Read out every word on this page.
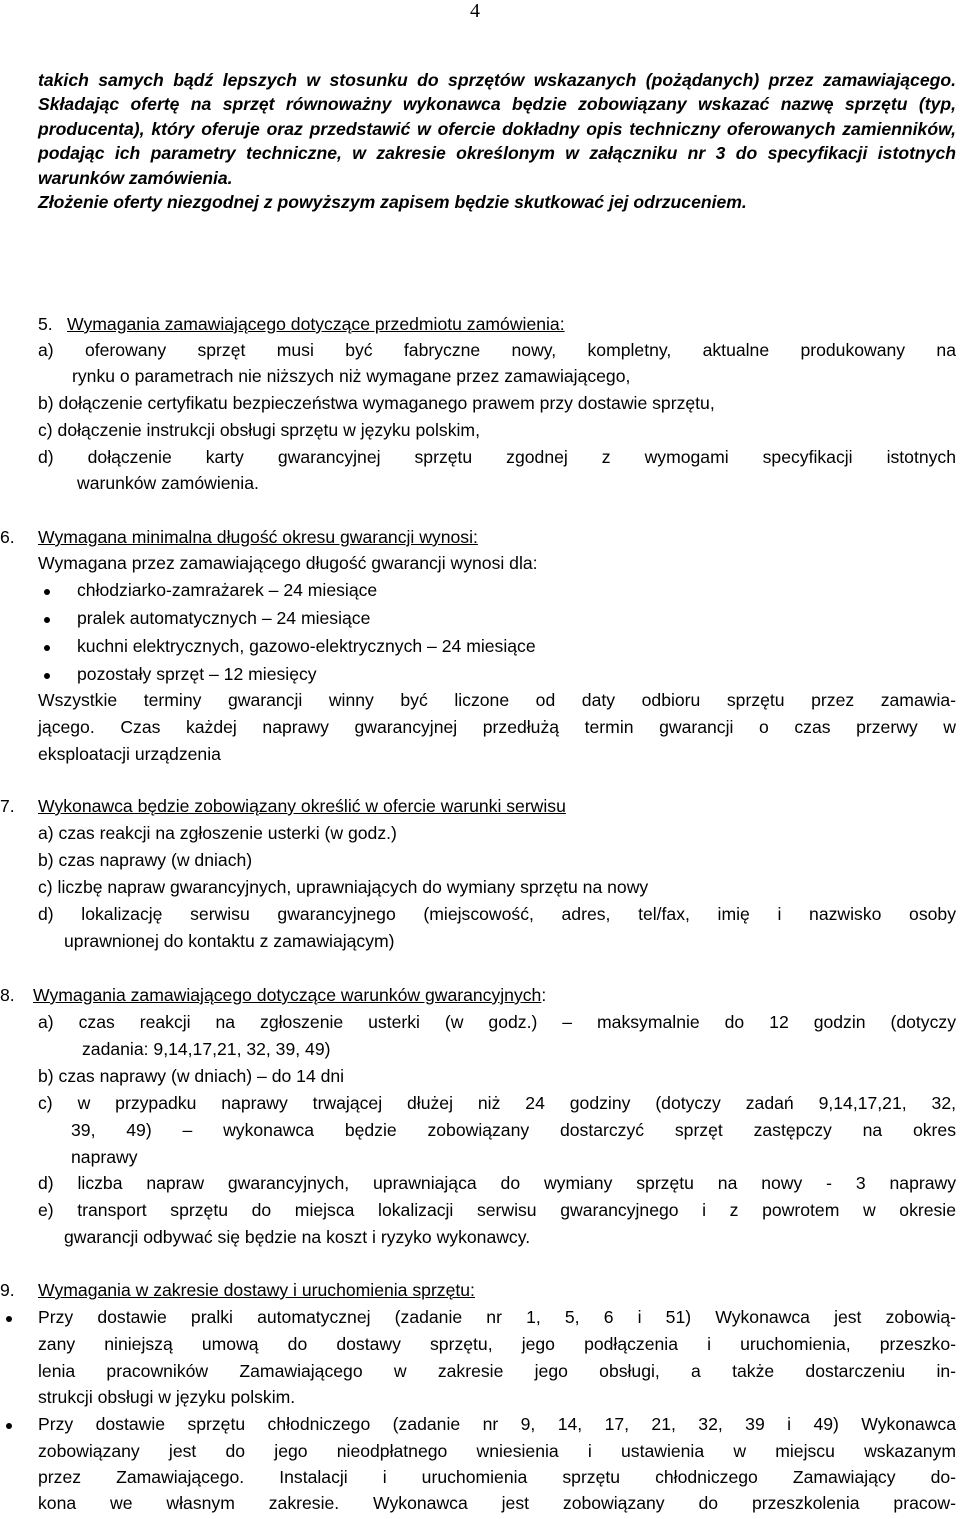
4

takich samych bądź lepszych w stosunku do sprzętów wskazanych (pożądanych) przez zamawiającego. Składając ofertę na sprzęt równoważny wykonawca będzie zobowiązany wskazać nazwę sprzętu (typ, producenta), który oferuje oraz przedstawić w ofercie dokładny opis techniczny oferowanych zamienników, podając ich parametry techniczne, w zakresie określonym w załączniku nr 3 do specyfikacji istotnych warunków zamówienia.

Złożenie oferty niezgodnej z powyższym zapisem będzie skutkować jej odrzuceniem.

5. Wymagania zamawiającego dotyczące przedmiotu zamówienia:
a) oferowany sprzęt musi być fabryczne nowy, kompletny, aktualne produkowany na
rynku o parametrach nie niższych niż wymagane przez zamawiającego,
b) dołączenie certyfikatu bezpieczeństwa wymaganego prawem przy dostawie sprzętu,
c) dołączenie instrukcji obsługi sprzętu w języku polskim,
d) dołączenie karty gwarancyjnej sprzętu zgodnej z wymogami specyfikacji istotnych
warunków zamówienia.
6. Wymagana minimalna długość okresu gwarancji wynosi:
Wymagana przez zamawiającego długość gwarancji wynosi dla:
chłodziarko-zamrażarek – 24 miesiące
pralek automatycznych – 24 miesiące
kuchni elektrycznych, gazowo-elektrycznych – 24 miesiące
pozostały sprzęt – 12 miesięcy
Wszystkie terminy gwarancji winny być liczone od daty odbioru sprzętu przez zamawia-
jącego. Czas każdej naprawy gwarancyjnej przedłużą termin gwarancji o czas przerwy w
eksploatacji urządzenia
7. Wykonawca będzie zobowiązany określić w ofercie warunki serwisu
a) czas reakcji na zgłoszenie usterki (w godz.)
b) czas naprawy (w dniach)
c) liczbę napraw gwarancyjnych, uprawniających do wymiany sprzętu na nowy
d) lokalizację serwisu gwarancyjnego (miejscowość, adres, tel/fax, imię i nazwisko osoby
uprawnionej do kontaktu z zamawiającym)
8. Wymagania zamawiającego dotyczące warunków gwarancyjnych:
a) czas reakcji na zgłoszenie usterki (w godz.) – maksymalnie do 12 godzin (dotyczy
zadania: 9,14,17,21, 32, 39, 49)
b) czas naprawy (w dniach) – do 14 dni
c) w przypadku naprawy trwającej dłużej niż 24 godziny (dotyczy zadań 9,14,17,21, 32,
39, 49) – wykonawca będzie zobowiązany dostarczyć sprzęt zastępczy na okres
naprawy
d) liczba napraw gwarancyjnych, uprawniająca do wymiany sprzętu na nowy - 3 naprawy
e) transport sprzętu do miejsca lokalizacji serwisu gwarancyjnego i z powrotem w okresie
gwarancji odbywać się będzie na koszt i ryzyko wykonawcy.
9. Wymagania w zakresie dostawy i uruchomienia sprzętu:
Przy dostawie pralki automatycznej (zadanie nr 1, 5, 6 i 51) Wykonawca jest zobowią-
zany niniejszą umową do dostawy sprzętu, jego podłączenia i uruchomienia, przeszko-
lenia pracowników Zamawiającego w zakresie jego obsługi, a także dostarczeniu in-
strukcji obsługi w języku polskim.
Przy dostawie sprzętu chłodniczego (zadanie nr 9, 14, 17, 21, 32, 39 i 49) Wykonawca
zobowiązany jest do jego nieodpłatnego wniesienia i ustawienia w miejscu wskazanym
przez Zamawiającego. Instalacji i uruchomienia sprzętu chłodniczego Zamawiający do-
kona we własnym zakresie. Wykonawca jest zobowiązany do przeszkolenia pracow-
